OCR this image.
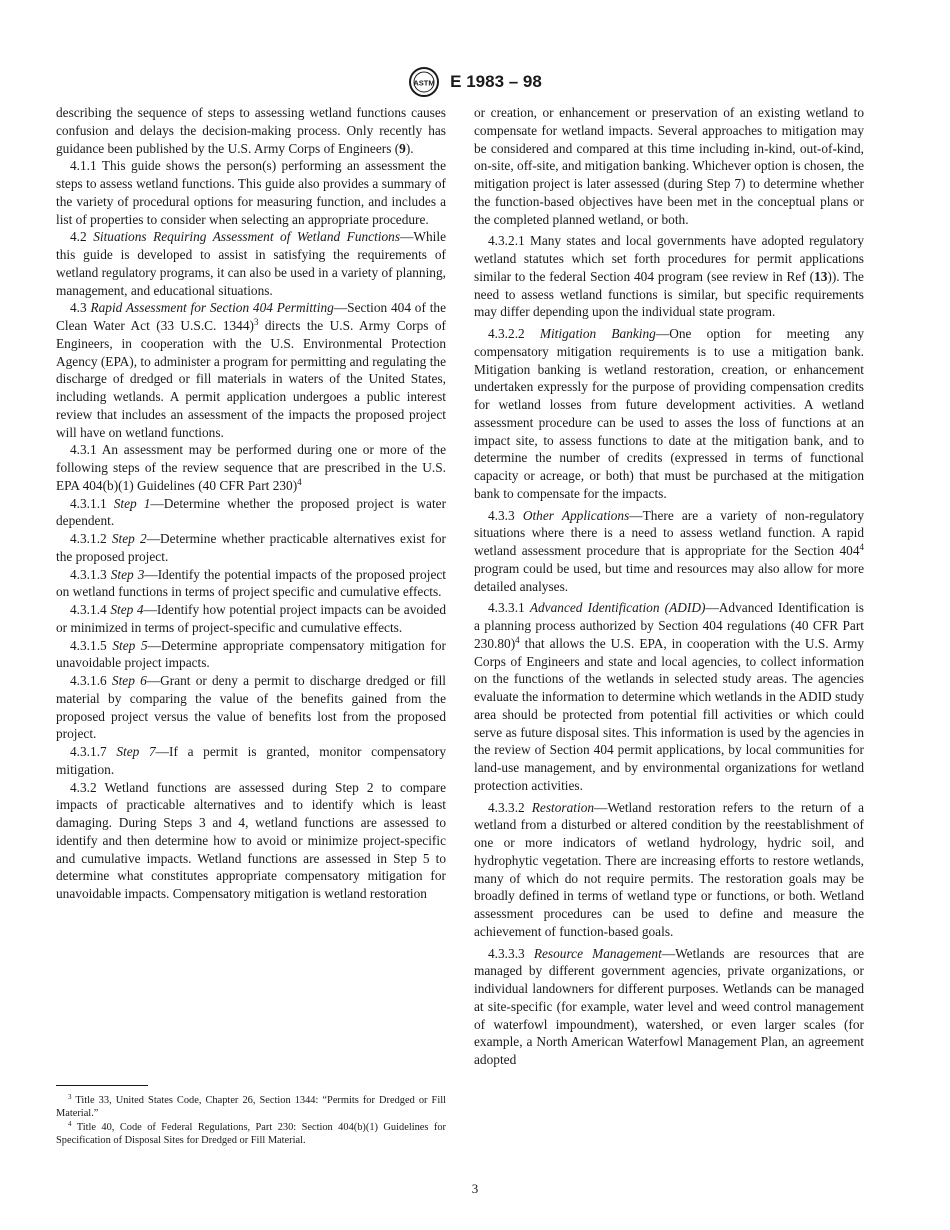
ASTM E 1983 – 98

describing the sequence of steps to assessing wetland functions causes confusion and delays the decision-making process. Only recently has guidance been published by the U.S. Army Corps of Engineers (9).

4.1.1 This guide shows the person(s) performing an assessment the steps to assess wetland functions. This guide also provides a summary of the variety of procedural options for measuring function, and includes a list of properties to consider when selecting an appropriate procedure.

4.2 Situations Requiring Assessment of Wetland Functions—While this guide is developed to assist in satisfying the requirements of wetland regulatory programs, it can also be used in a variety of planning, management, and educational situations.

4.3 Rapid Assessment for Section 404 Permitting—Section 404 of the Clean Water Act (33 U.S.C. 1344)$^3$ directs the U.S. Army Corps of Engineers, in cooperation with the U.S. Environmental Protection Agency (EPA), to administer a program for permitting and regulating the discharge of dredged or fill materials in waters of the United States, including wetlands. A permit application undergoes a public interest review that includes an assessment of the impacts the proposed project will have on wetland functions.

4.3.1 An assessment may be performed during one or more of the following steps of the review sequence that are prescribed in the U.S. EPA 404(b)(1) Guidelines (40 CFR Part 230)$^4$

4.3.1.1 Step 1—Determine whether the proposed project is water dependent.

4.3.1.2 Step 2—Determine whether practicable alternatives exist for the proposed project.

4.3.1.3 Step 3—Identify the potential impacts of the proposed project on wetland functions in terms of project specific and cumulative effects.

4.3.1.4 Step 4—Identify how potential project impacts can be avoided or minimized in terms of project-specific and cumulative effects.

4.3.1.5 Step 5—Determine appropriate compensatory mitigation for unavoidable project impacts.

4.3.1.6 Step 6—Grant or deny a permit to discharge dredged or fill material by comparing the value of the benefits gained from the proposed project versus the value of benefits lost from the proposed project.

4.3.1.7 Step 7—If a permit is granted, monitor compensatory mitigation.

4.3.2 Wetland functions are assessed during Step 2 to compare impacts of practicable alternatives and to identify which is least damaging. During Steps 3 and 4, wetland functions are assessed to identify and then determine how to avoid or minimize project-specific and cumulative impacts. Wetland functions are assessed in Step 5 to determine what constitutes appropriate compensatory mitigation for unavoidable impacts. Compensatory mitigation is wetland restoration

or creation, or enhancement or preservation of an existing wetland to compensate for wetland impacts. Several approaches to mitigation may be considered and compared at this time including in-kind, out-of-kind, on-site, off-site, and mitigation banking. Whichever option is chosen, the mitigation project is later assessed (during Step 7) to determine whether the function-based objectives have been met in the conceptual plans or the completed planned wetland, or both.

4.3.2.1 Many states and local governments have adopted regulatory wetland statutes which set forth procedures for permit applications similar to the federal Section 404 program (see review in Ref (13)). The need to assess wetland functions is similar, but specific requirements may differ depending upon the individual state program.

4.3.2.2 Mitigation Banking—One option for meeting any compensatory mitigation requirements is to use a mitigation bank. Mitigation banking is wetland restoration, creation, or enhancement undertaken expressly for the purpose of providing compensation credits for wetland losses from future development activities. A wetland assessment procedure can be used to asses the loss of functions at an impact site, to assess functions to date at the mitigation bank, and to determine the number of credits (expressed in terms of functional capacity or acreage, or both) that must be purchased at the mitigation bank to compensate for the impacts.

4.3.3 Other Applications—There are a variety of non-regulatory situations where there is a need to assess wetland function. A rapid wetland assessment procedure that is appropriate for the Section $404^4$ program could be used, but time and resources may also allow for more detailed analyses.

4.3.3.1 Advanced Identification (ADID)—Advanced Identification is a planning process authorized by Section 404 regulations (40 CFR Part 230.80)$^4$ that allows the U.S. EPA, in cooperation with the U.S. Army Corps of Engineers and state and local agencies, to collect information on the functions of the wetlands in selected study areas. The agencies evaluate the information to determine which wetlands in the ADID study area should be protected from potential fill activities or which could serve as future disposal sites. This information is used by the agencies in the review of Section 404 permit applications, by local communities for land-use management, and by environmental organizations for wetland protection activities.

4.3.3.2 Restoration—Wetland restoration refers to the return of a wetland from a disturbed or altered condition by the reestablishment of one or more indicators of wetland hydrology, hydric soil, and hydrophytic vegetation. There are increasing efforts to restore wetlands, many of which do not require permits. The restoration goals may be broadly defined in terms of wetland type or functions, or both. Wetland assessment procedures can be used to define and measure the achievement of function-based goals.

4.3.3.3 Resource Management—Wetlands are resources that are managed by different government agencies, private organizations, or individual landowners for different purposes. Wetlands can be managed at site-specific (for example, water level and weed control management of waterfowl impoundment), watershed, or even larger scales (for example, a North American Waterfowl Management Plan, an agreement adopted

$^3$ Title 33, United States Code, Chapter 26, Section 1344: “Permits for Dredged or Fill Material.”

$^4$ Title 40, Code of Federal Regulations, Part 230: Section 404(b)(1) Guidelines for Specification of Disposal Sites for Dredged or Fill Material.

3
